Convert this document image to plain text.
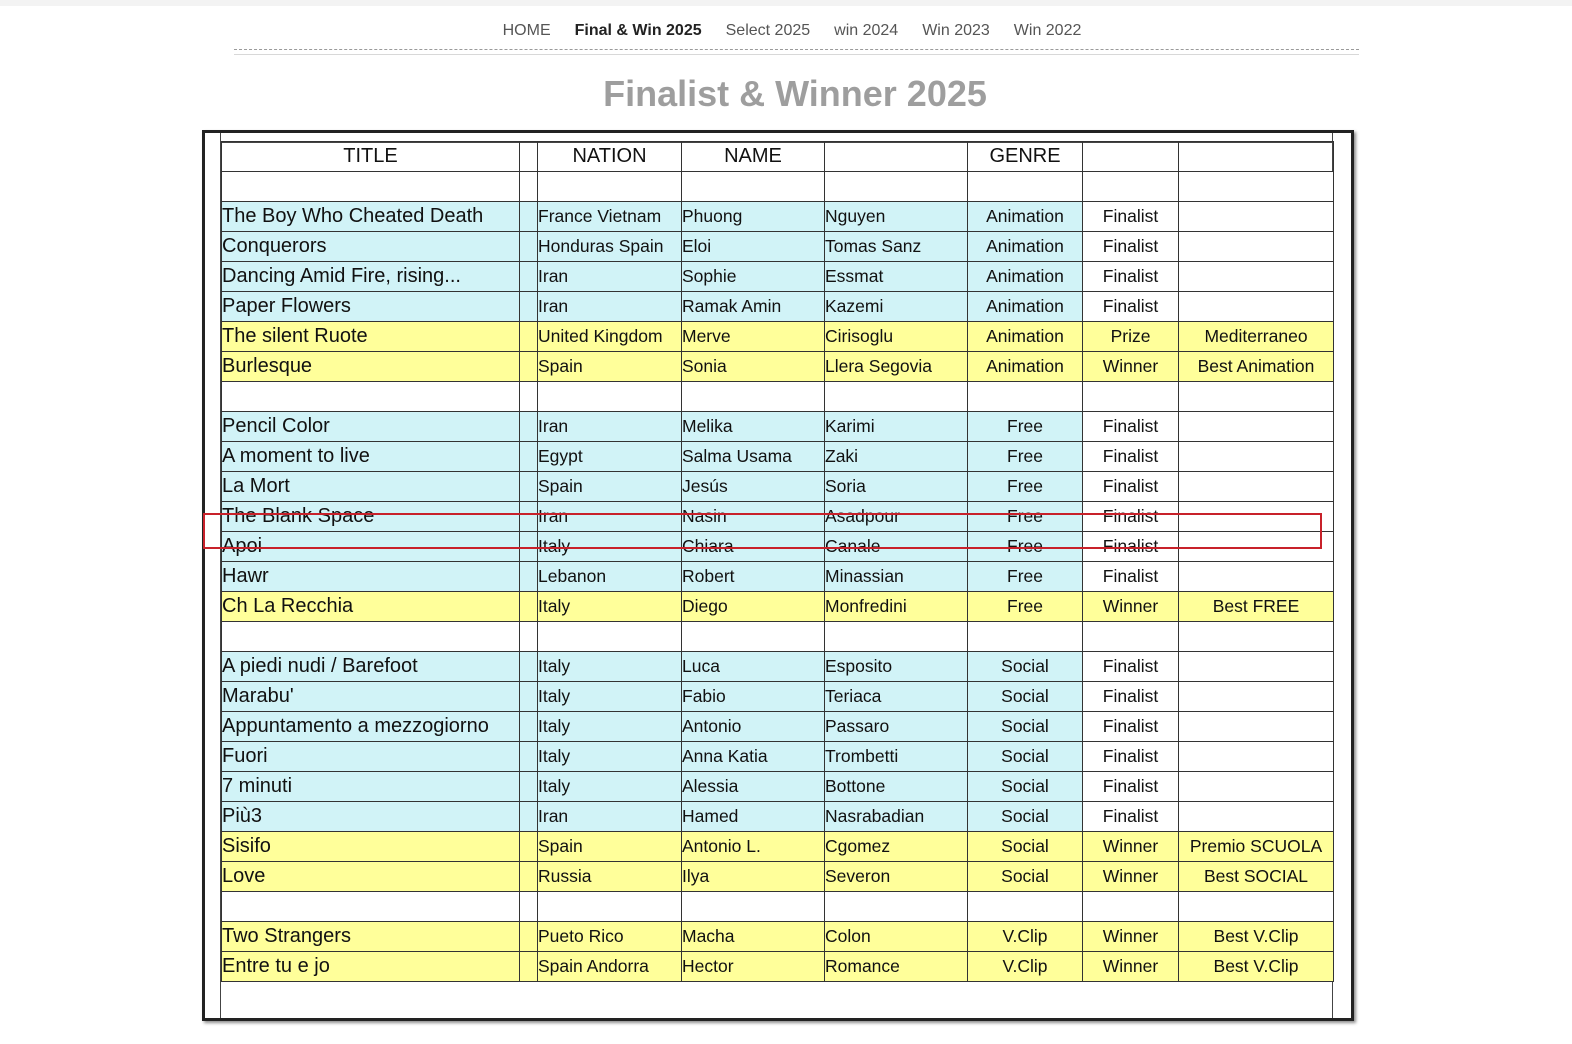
HOME Final & Win 2025 Select 2025 win 2024 Win 2023 Win 2022
Finalist & Winner 2025
TITLE		NATION	NAME		GENRE		

The Boy Who Cheated Death		France Vietnam	Phuong	Nguyen	Animation	Finalist	
Conquerors		Honduras Spain	Eloi	Tomas Sanz	Animation	Finalist	
Dancing Amid Fire, rising...		Iran	Sophie	Essmat	Animation	Finalist	
Paper Flowers		Iran	Ramak Amin	Kazemi	Animation	Finalist	
The silent Ruote		United Kingdom	Merve	Cirisoglu	Animation	Prize	Mediterraneo
Burlesque		Spain	Sonia	Llera Segovia	Animation	Winner	Best Animation

Pencil Color		Iran	Melika	Karimi	Free	Finalist	
A moment to live		Egypt	Salma Usama	Zaki	Free	Finalist	
La Mort		Spain	Jesús	Soria	Free	Finalist	
The Blank Space		Iran	Nasin	Asadpour	Free	Finalist	
Apoi		Italy	Chiara	Canale	Free	Finalist	
Hawr		Lebanon	Robert	Minassian	Free	Finalist	
Ch La Recchia		Italy	Diego	Monfredini	Free	Winner	Best FREE

A piedi nudi / Barefoot		Italy	Luca	Esposito	Social	Finalist	
Marabu'		Italy	Fabio	Teriaca	Social	Finalist	
Appuntamento a mezzogiorno		Italy	Antonio	Passaro	Social	Finalist	
Fuori		Italy	Anna Katia	Trombetti	Social	Finalist	
7 minuti		Italy	Alessia	Bottone	Social	Finalist	
Più3		Iran	Hamed	Nasrabadian	Social	Finalist	
Sisifo		Spain	Antonio L.	Cgomez	Social	Winner	Premio SCUOLA
Love		Russia	Ilya	Severon	Social	Winner	Best SOCIAL

Two Strangers		Pueto Rico	Macha	Colon	V.Clip	Winner	Best V.Clip
Entre tu e jo		Spain Andorra	Hector	Romance	V.Clip	Winner	Best V.Clip
